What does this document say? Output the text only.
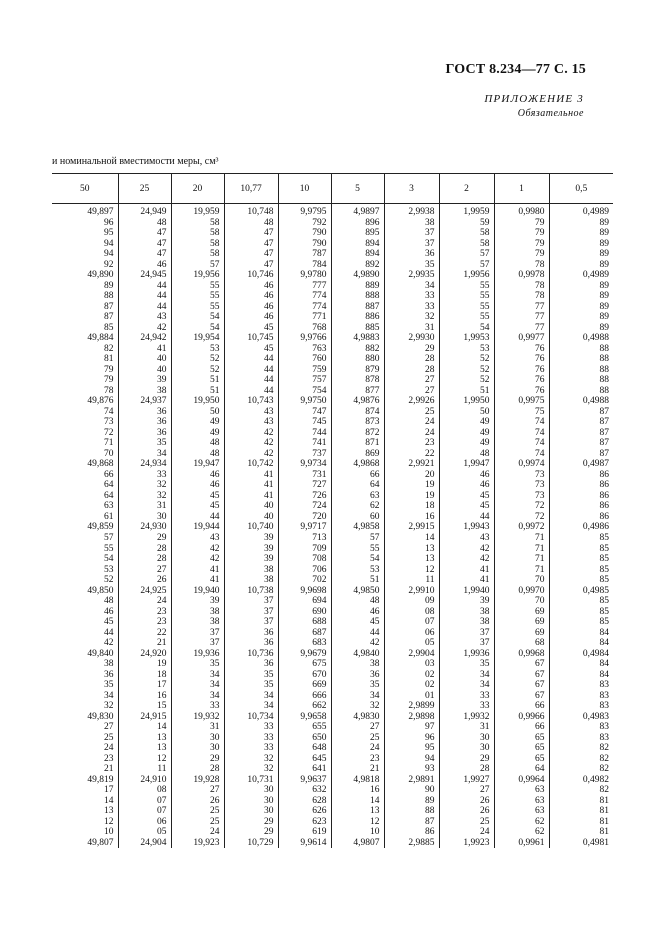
ГОСТ 8.234—77 С. 15
ПРИЛОЖЕНИЕ 3
Обязательное
и номинальной вместимости меры, см³
50	25	20	10,77	10	5	3	2	1	0,5
49,897	24,949	19,959	10,748	9,9795	4,9897	2,9938	1,9959	0,9980	0,4989
96	48	58	48	792	896	38	59	79	89
95	47	58	47	790	895	37	58	79	89
94	47	58	47	790	894	37	58	79	89
94	47	58	47	787	894	36	57	79	89
92	46	57	47	784	892	35	57	78	89
49,890	24,945	19,956	10,746	9,9780	4,9890	2,9935	1,9956	0,9978	0,4989
89	44	55	46	777	889	34	55	78	89
88	44	55	46	774	888	33	55	78	89
87	44	55	46	774	887	33	55	77	89
87	43	54	46	771	886	32	55	77	89
85	42	54	45	768	885	31	54	77	89
49,884	24,942	19,954	10,745	9,9766	4,9883	2,9930	1,9953	0,9977	0,4988
82	41	53	45	763	882	29	53	76	88
81	40	52	44	760	880	28	52	76	88
79	40	52	44	759	879	28	52	76	88
79	39	51	44	757	878	27	52	76	88
78	38	51	44	754	877	27	51	76	88
49,876	24,937	19,950	10,743	9,9750	4,9876	2,9926	1,9950	0,9975	0,4988
74	36	50	43	747	874	25	50	75	87
73	36	49	43	745	873	24	49	74	87
72	36	49	42	744	872	24	49	74	87
71	35	48	42	741	871	23	49	74	87
70	34	48	42	737	869	22	48	74	87
49,868	24,934	19,947	10,742	9,9734	4,9868	2,9921	1,9947	0,9974	0,4987
66	33	46	41	731	66	20	46	73	86
64	32	46	41	727	64	19	46	73	86
64	32	45	41	726	63	19	45	73	86
63	31	45	40	724	62	18	45	72	86
61	30	44	40	720	60	16	44	72	86
49,859	24,930	19,944	10,740	9,9717	4,9858	2,9915	1,9943	0,9972	0,4986
57	29	43	39	713	57	14	43	71	85
55	28	42	39	709	55	13	42	71	85
54	28	42	39	708	54	13	42	71	85
53	27	41	38	706	53	12	41	71	85
52	26	41	38	702	51	11	41	70	85
49,850	24,925	19,940	10,738	9,9698	4,9850	2,9910	1,9940	0,9970	0,4985
48	24	39	37	694	48	09	39	70	85
46	23	38	37	690	46	08	38	69	85
45	23	38	37	688	45	07	38	69	85
44	22	37	36	687	44	06	37	69	84
42	21	37	36	683	42	05	37	68	84
49,840	24,920	19,936	10,736	9,9679	4,9840	2,9904	1,9936	0,9968	0,4984
38	19	35	36	675	38	03	35	67	84
36	18	34	35	670	36	02	34	67	84
35	17	34	35	669	35	02	34	67	83
34	16	34	34	666	34	01	33	67	83
32	15	33	34	662	32	2,9899	33	66	83
49,830	24,915	19,932	10,734	9,9658	4,9830	2,9898	1,9932	0,9966	0,4983
27	14	31	33	655	27	97	31	66	83
25	13	30	33	650	25	96	30	65	83
24	13	30	33	648	24	95	30	65	82
23	12	29	32	645	23	94	29	65	82
21	11	28	32	641	21	93	28	64	82
49,819	24,910	19,928	10,731	9,9637	4,9818	2,9891	1,9927	0,9964	0,4982
17	08	27	30	632	16	90	27	63	82
14	07	26	30	628	14	89	26	63	81
13	07	25	30	626	13	88	26	63	81
12	06	25	29	623	12	87	25	62	81
10	05	24	29	619	10	86	24	62	81
49,807	24,904	19,923	10,729	9,9614	4,9807	2,9885	1,9923	0,9961	0,4981
